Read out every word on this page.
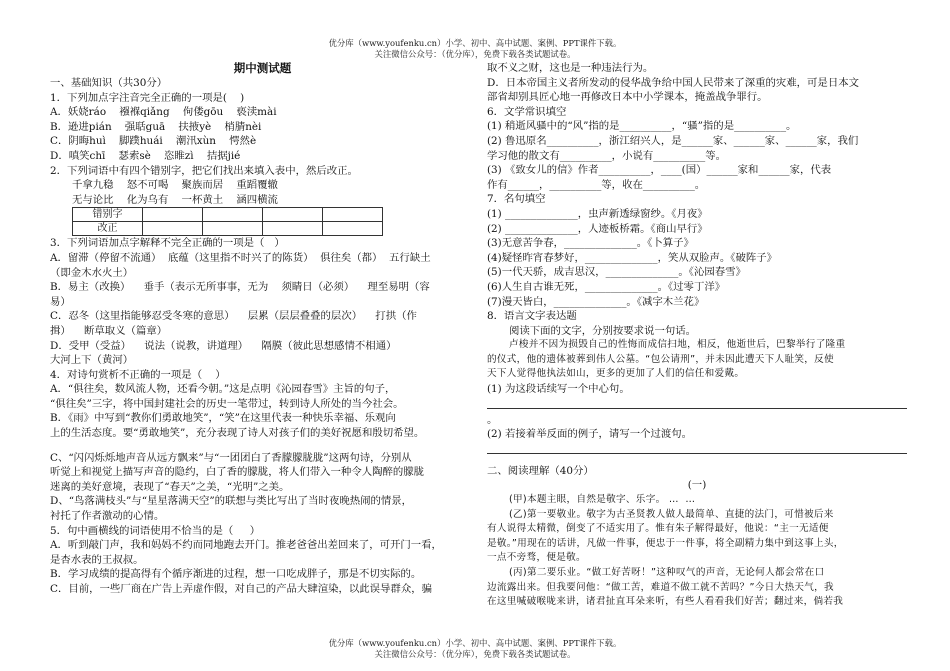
优分库（www.youfenku.cn）小学、初中、高中试题、案例、PPT课件下载。
关注微信公众号：（优分库），免费下载各类试题试卷。
期中测试题
一、基础知识（共30分）
1．下列加点字注音完全正确的一项是(    )
A．妖娆ráo    襁褓qiǎng    佝偻gōu    亵渎mài
B．逊进pián    强聒guā    扶掖yè    梢腈nèi
C．阴晦huì    脚蹼huái    潮汛xùn    愕然è
D．嗔笑chī    瑟索sè    恣睢zì    拮据jié
2．下列词语中有四个错别字，把它们找出来填入表中，然后改正。
千拿九稳    怒不可喝    聚族而居    重蹈覆辙
无与论比    化为乌有    一杯黄土    涵四横流
错别字				
改正				
3．下列词语加点字解释不完全正确的一项是（   ）
A．留滞（停留不流通）  底蕴（这里指不时兴了的陈货）  俱往矣（都）  五行缺土
（即金木水火土）
B．易主（改换）    垂手（表示无所事事，无为    须睛日（必须）    理至易明（容
易）
C．忍冬（这里指能够忍受冬寒的意思）    层累（层层叠叠的层次）    打拱（作
揖）    断草取义（篇章）
D．受甲（受益）    说法（说教，讲道理）    隔膜（彼此思想感情不相通）
大河上下（黄河）
4．对诗句赏析不正确的一项是（    ）
A．“俱往矣，数风流人物，还看今朝。”这是点明《沁园春雪》主旨的句子，
“俱往矣”三字，将中国封建社会的历史一笔带过，转到诗人所处的当今社会。
B．《雨》中写到“教你们勇敢地笑”，“笑”在这里代表一种快乐幸福、乐观向
上的生活态度。要“勇敢地笑”，充分表现了诗人对孩子们的美好祝愿和殷切希望。
C、“闪闪烁烁地声音从远方飘来”与“一团团白了香朦朦胧胧”这两句诗，分别从
听觉上和视觉上描写声音的隐约，白了香的朦胧，将人们带入一种令人陶醉的朦胧
迷离的美好意境，表现了“春天”之美，“光明”之美。
D、“鸟落满枝头”与“星星落满天空”的联想与类比写出了当时夜晚热闹的情景，
衬托了作者激动的心情。
5．句中画横线的词语使用不恰当的是（     ）
A．听到敲门声，我和妈妈不约而同地跑去开门。推老爸爸出差回来了，可开门一看，
是杏水表的王叔叔。
B．学习成绩的提高得有个循序渐进的过程，想一口吃成胖子，那是不切实际的。
C．目前，一些厂商在广告上弄虚作假，对自己的产品大肆渲染，以此误导群众，骗
取不义之财，这也是一种违法行为。
D．日本帝国主义者所发动的侵华战争给中国人民带来了深重的灾难，可是日本文
部省却别具匠心地一再修改日本中小学课本，掩盖战争罪行。
6．文学常识填空
(1) 稍逝风骚中的“风”指的是__________，“骚”指的是__________。
(2) 鲁迅原名__________，浙江绍兴人，是______家、______家、______家，我们
学习他的散文有__________，小说有__________等。
(3) 《致女儿的信》作者__________，____(国）______家和______家，代表
作有______，__________等，收在__________。
7．名句填空
(1) ______________，虫声新透绿窗纱。《月夜》
(2) ______________，人迹板桥霜。《商山早行》
(3)无意苦争春，______________。《卜算子》
(4)疑怪昨宵春梦好，______________，笑从双脸声。《破阵子》
(5)一代天骄，成吉思汉，______________。《沁园春雪》
(6)人生自古谁无死，______________。《过零丁洋》
(7)漫天皆白，______________。《减字木兰花》
8．语言文字表达题
阅读下面的文字，分别按要求说一句话。
卢梭并不因为损毁自己的性悔而成信扫地，相反，他逝世后，巴黎举行了隆重
的仪式，他的遗体被葬到伟人公墓。“包公请刑”，并未因此遭天下人耻笑，反使
天下人觉得他执法如山，更多的更加了人们的信任和爱戴。
(1) 为这段话续写一个中心句。
。
(2) 若接着举反面的例子，请写一个过渡句。
二、阅读理解（40分）
(一)
(甲)本题主眼，自然是敬字、乐字。 …  …
(乙)第一要敬业。敬字为古圣贤教人做人最简单、直捷的法门，可惜被后来
有人说得太精微，倒变了不适实用了。惟有朱子解得最好，他说：“主一无适便
是敬。”用现在的话讲，凡做一件事，便忠于一件事，将全副精力集中到这事上头，
一点不旁骛，便是敬。
(丙)第二要乐业。“做工好苦呀！”这种叹气的声音，无论何人都会常在口
边流露出来。但我要问他：“做工苦，难道不做工就不苦吗？”今日大热天气，我
在这里喊破喉咙来讲，诸君扯直耳朵来听，有些人看看我们好苦；翻过来，倘若我
优分库（www.youfenku.cn）小学、初中、高中试题、案例、PPT课件下载。
关注微信公众号：（优分库），免费下载各类试题试卷。
